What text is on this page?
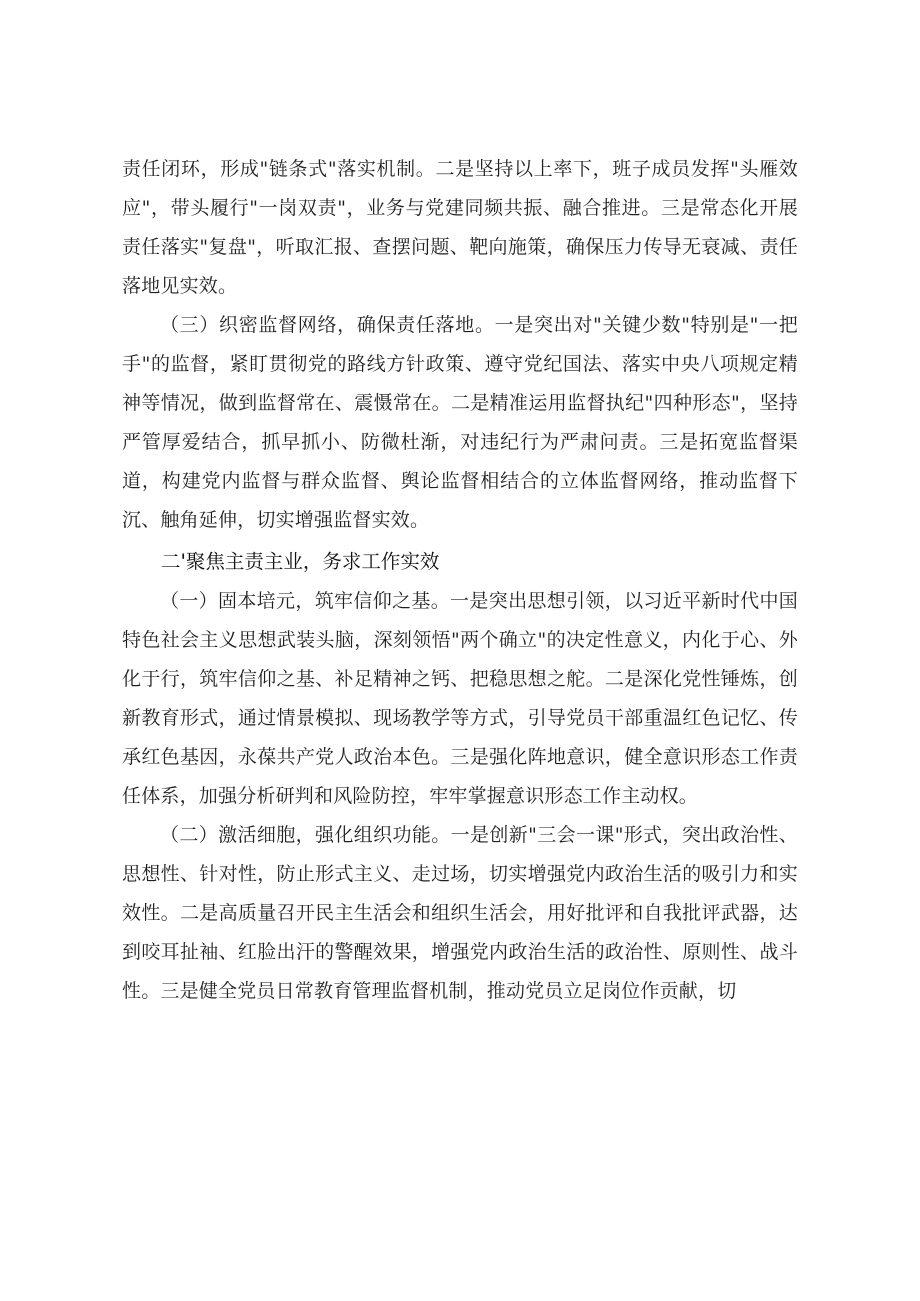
责任闭环，形成"链条式"落实机制。二是坚持以上率下，班子成员发挥"头雁效应"，带头履行"一岗双责"，业务与党建同频共振、融合推进。三是常态化开展责任落实"复盘"，听取汇报、查摆问题、靶向施策，确保压力传导无衰减、责任落地见实效。

（三）织密监督网络，确保责任落地。一是突出对"关键少数"特别是"一把手"的监督，紧盯贯彻党的路线方针政策、遵守党纪国法、落实中央八项规定精神等情况，做到监督常在、震慑常在。二是精准运用监督执纪"四种形态"，坚持严管厚爱结合，抓早抓小、防微杜渐，对违纪行为严肃问责。三是拓宽监督渠道，构建党内监督与群众监督、舆论监督相结合的立体监督网络，推动监督下沉、触角延伸，切实增强监督实效。

二'聚焦主责主业，务求工作实效

（一）固本培元，筑牢信仰之基。一是突出思想引领，以习近平新时代中国特色社会主义思想武装头脑，深刻领悟"两个确立"的决定性意义，内化于心、外化于行，筑牢信仰之基、补足精神之钙、把稳思想之舵。二是深化党性锤炼，创新教育形式，通过情景模拟、现场教学等方式，引导党员干部重温红色记忆、传承红色基因，永葆共产党人政治本色。三是强化阵地意识，健全意识形态工作责任体系，加强分析研判和风险防控，牢牢掌握意识形态工作主动权。

（二）激活细胞，强化组织功能。一是创新"三会一课"形式，突出政治性、思想性、针对性，防止形式主义、走过场，切实增强党内政治生活的吸引力和实效性。二是高质量召开民主生活会和组织生活会，用好批评和自我批评武器，达到咬耳扯袖、红脸出汗的警醒效果，增强党内政治生活的政治性、原则性、战斗性。三是健全党员日常教育管理监督机制，推动党员立足岗位作贡献，切
